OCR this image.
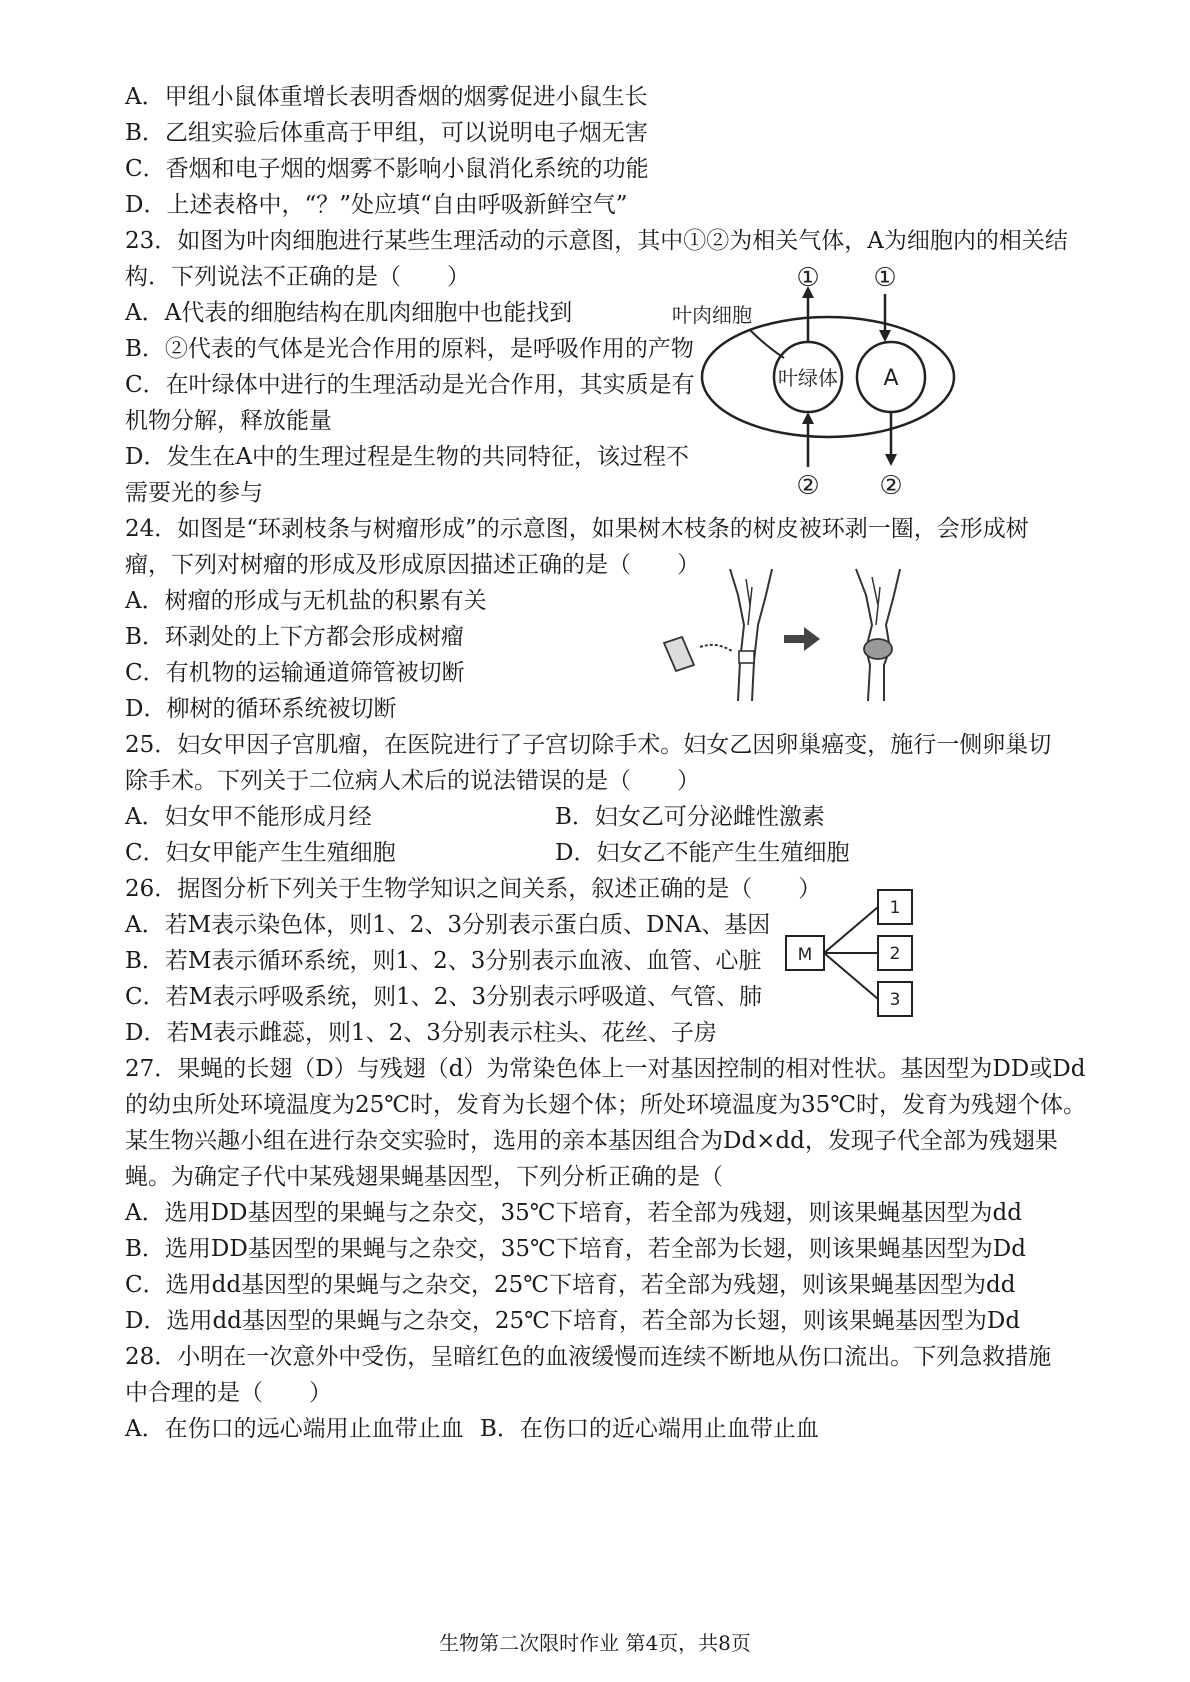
A．甲组小鼠体重增长表明香烟的烟雾促进小鼠生长
B．乙组实验后体重高于甲组，可以说明电子烟无害
C．香烟和电子烟的烟雾不影响小鼠消化系统的功能
D．上述表格中，“？”处应填“自由呼吸新鲜空气”
23．如图为叶肉细胞进行某些生理活动的示意图，其中①②为相关气体，A为细胞内的相关结
构．下列说法不正确的是（　　）
A．A代表的细胞结构在肌肉细胞中也能找到
B．②代表的气体是光合作用的原料，是呼吸作用的产物
C．在叶绿体中进行的生理活动是光合作用，其实质是有
机物分解，释放能量
D．发生在A中的生理过程是生物的共同特征，该过程不
需要光的参与
叶绿体 A
叶肉细胞
① ①
② ②
24．如图是“环剥枝条与树瘤形成”的示意图，如果树木枝条的树皮被环剥一圈，会形成树
瘤，下列对树瘤的形成及形成原因描述正确的是（　　）
A．树瘤的形成与无机盐的积累有关
B．环剥处的上下方都会形成树瘤
C．有机物的运输通道筛管被切断
D．柳树的循环系统被切断
25．妇女甲因子宫肌瘤，在医院进行了子宫切除手术。妇女乙因卵巢癌变，施行一侧卵巢切
除手术。下列关于二位病人术后的说法错误的是（　　）
A．妇女甲不能形成月经	B．妇女乙可分泌雌性激素
C．妇女甲能产生生殖细胞	D．妇女乙不能产生生殖细胞
26．据图分析下列关于生物学知识之间关系，叙述正确的是（　　）
A．若M表示染色体，则1、2、3分别表示蛋白质、DNA、基因
B．若M表示循环系统，则1、2、3分别表示血液、血管、心脏
C．若M表示呼吸系统，则1、2、3分别表示呼吸道、气管、肺
D．若M表示雌蕊，则1、2、3分别表示柱头、花丝、子房
M
1
2
3
27．果蝇的长翅（D）与残翅（d）为常染色体上一对基因控制的相对性状。基因型为DD或Dd
的幼虫所处环境温度为25℃时，发育为长翅个体；所处环境温度为35℃时，发育为残翅个体。
某生物兴趣小组在进行杂交实验时，选用的亲本基因组合为Dd×dd，发现子代全部为残翅果
蝇。为确定子代中某残翅果蝇基因型，下列分析正确的是（
A．选用DD基因型的果蝇与之杂交，35℃下培育，若全部为残翅，则该果蝇基因型为dd
B．选用DD基因型的果蝇与之杂交，35℃下培育，若全部为长翅，则该果蝇基因型为Dd
C．选用dd基因型的果蝇与之杂交，25℃下培育，若全部为残翅，则该果蝇基因型为dd
D．选用dd基因型的果蝇与之杂交，25℃下培育，若全部为长翅，则该果蝇基因型为Dd
28．小明在一次意外中受伤，呈暗红色的血液缓慢而连续不断地从伤口流出。下列急救措施
中合理的是（　　）
A．在伤口的远心端用止血带止血 B．在伤口的近心端用止血带止血
生物第二次限时作业 第4页，共8页
